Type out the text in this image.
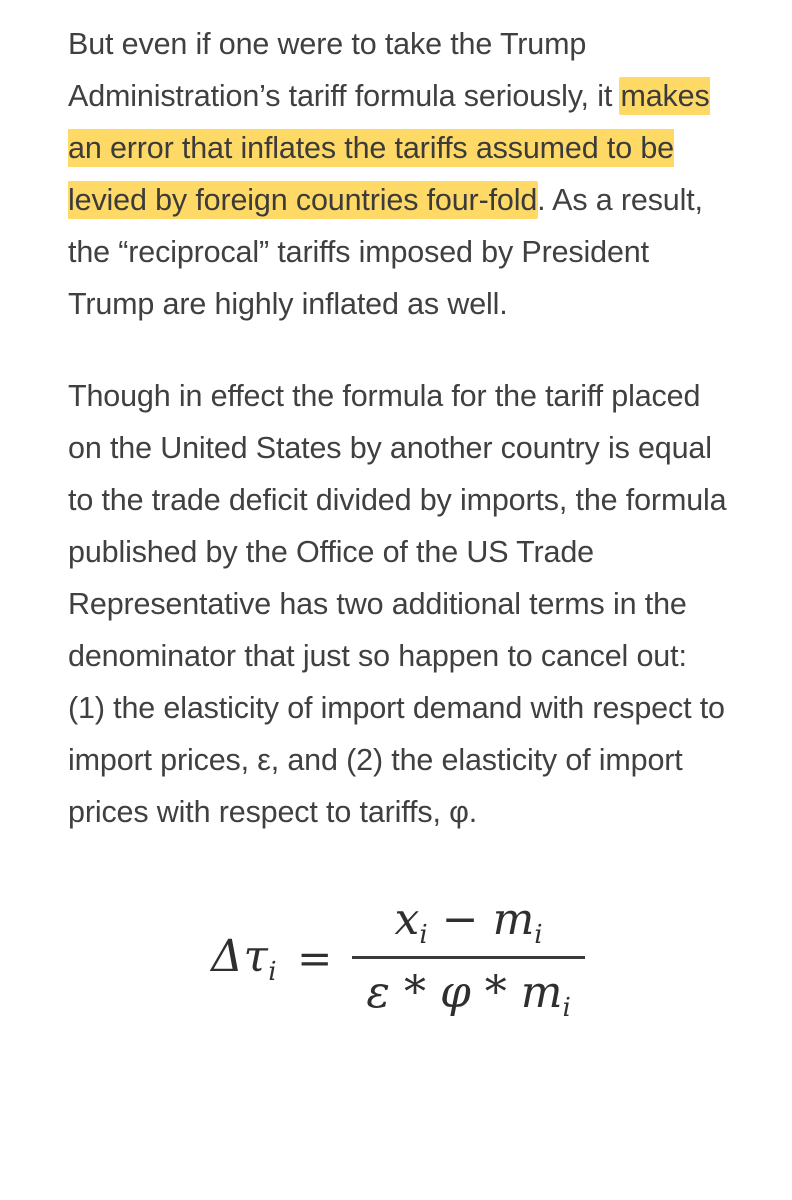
But even if one were to take the Trump Administration’s tariff formula seriously, it makes an error that inflates the tariffs assumed to be levied by foreign countries four-fold. As a result, the “reciprocal” tariffs imposed by President Trump are highly inflated as well.

Though in effect the formula for the tariff placed on the United States by another country is equal to the trade deficit divided by imports, the formula published by the Office of the US Trade Representative has two additional terms in the denominator that just so happen to cancel out: (1) the elasticity of import demand with respect to import prices, ε, and (2) the elasticity of import prices with respect to tariffs, φ.

$\Delta\tau_i = \frac{x_i - m_i}{\varepsilon * \varphi * m_i}$
